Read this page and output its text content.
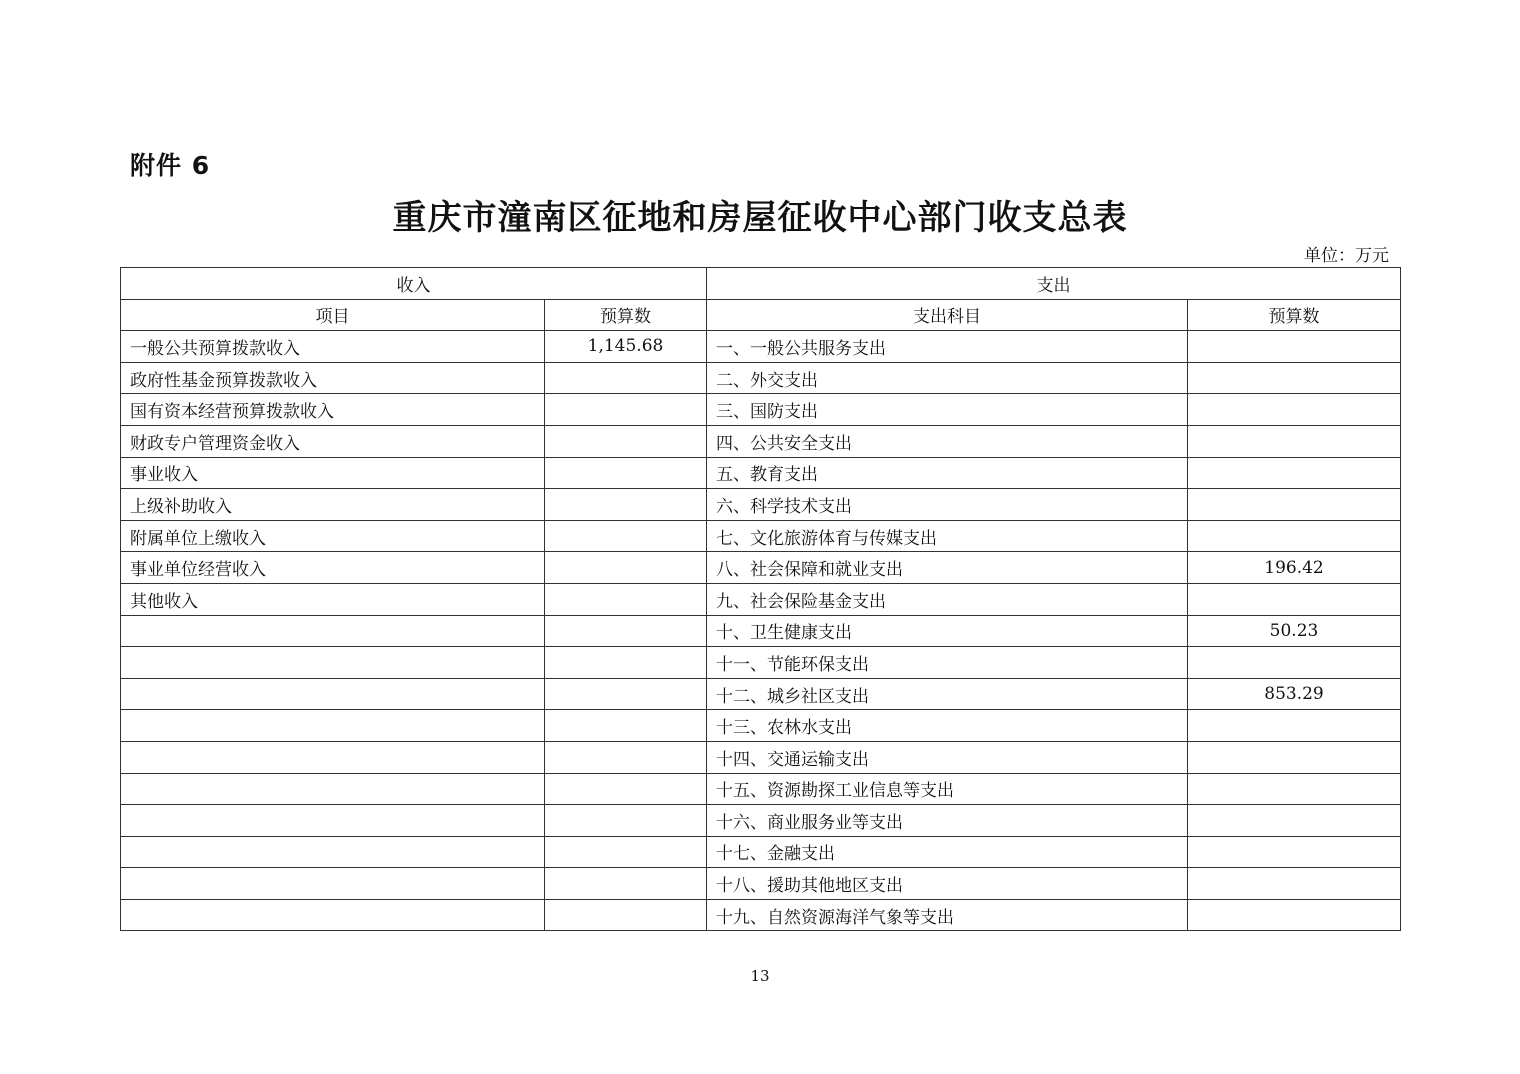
附件 6
重庆市潼南区征地和房屋征收中心部门收支总表
单位：万元
收入		支出	
项目	预算数	支出科目	预算数
一般公共预算拨款收入	1,145.68	一、一般公共服务支出	
政府性基金预算拨款收入		二、外交支出	
国有资本经营预算拨款收入		三、国防支出	
财政专户管理资金收入		四、公共安全支出	
事业收入		五、教育支出	
上级补助收入		六、科学技术支出	
附属单位上缴收入		七、文化旅游体育与传媒支出	
事业单位经营收入		八、社会保障和就业支出	196.42
其他收入		九、社会保险基金支出	
		十、卫生健康支出	50.23
		十一、节能环保支出	
		十二、城乡社区支出	853.29
		十三、农林水支出	
		十四、交通运输支出	
		十五、资源勘探工业信息等支出	
		十六、商业服务业等支出	
		十七、金融支出	
		十八、援助其他地区支出	
		十九、自然资源海洋气象等支出	
13
